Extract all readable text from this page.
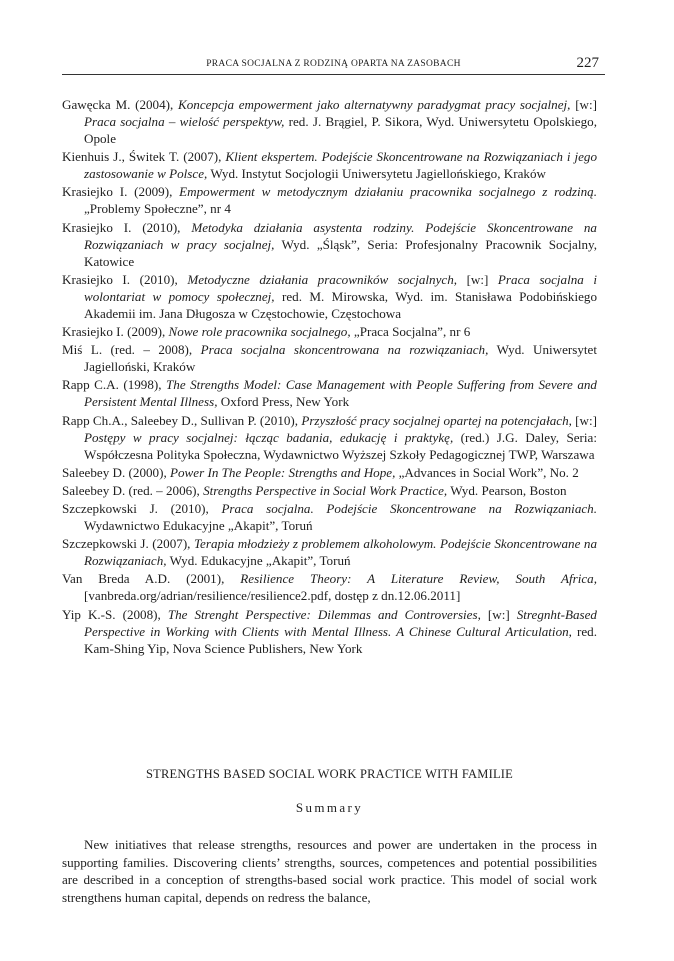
PRACA SOCJALNA Z RODZINĄ OPARTA NA ZASOBACH	227

Gawęcka M. (2004), Koncepcja empowerment jako alternatywny paradygmat pracy socjalnej, [w:] Praca socjalna – wielość perspektyw, red. J. Brągiel, P. Sikora, Wyd. Uniwersytetu Opolskiego, Opole

Kienhuis J., Świtek T. (2007), Klient ekspertem. Podejście Skoncentrowane na Rozwiązaniach i jego zastosowanie w Polsce, Wyd. Instytut Socjologii Uniwersytetu Jagiellońskiego, Kraków

Krasiejko I. (2009), Empowerment w metodycznym działaniu pracownika socjalnego z rodziną. „Problemy Społeczne”, nr 4

Krasiejko I. (2010), Metodyka działania asystenta rodziny. Podejście Skoncentrowane na Rozwiązaniach w pracy socjalnej, Wyd. „Śląsk”, Seria: Profesjonalny Pracownik Socjalny, Katowice

Krasiejko I. (2010), Metodyczne działania pracowników socjalnych, [w:] Praca socjalna i wolontariat w pomocy społecznej, red. M. Mirowska, Wyd. im. Stanisława Podobińskiego Akademii im. Jana Długosza w Częstochowie, Częstochowa

Krasiejko I. (2009), Nowe role pracownika socjalnego, „Praca Socjalna”, nr 6

Miś L. (red. – 2008), Praca socjalna skoncentrowana na rozwiązaniach, Wyd. Uniwersytet Jagielloński, Kraków

Rapp C.A. (1998), The Strengths Model: Case Management with People Suffering from Severe and Persistent Mental Illness, Oxford Press, New York

Rapp Ch.A., Saleebey D., Sullivan P. (2010), Przyszłość pracy socjalnej opartej na potencjałach, [w:] Postępy w pracy socjalnej: łącząc badania, edukację i praktykę, (red.) J.G. Daley, Seria: Współczesna Polityka Społeczna, Wydawnictwo Wyższej Szkoły Pedagogicznej TWP, Warszawa

Saleebey D. (2000), Power In The People: Strengths and Hope, „Advances in Social Work”, No. 2

Saleebey D. (red. – 2006), Strengths Perspective in Social Work Practice, Wyd. Pearson, Boston

Szczepkowski J. (2010), Praca socjalna. Podejście Skoncentrowane na Rozwiązaniach. Wydawnictwo Edukacyjne „Akapit”, Toruń

Szczepkowski J. (2007), Terapia młodzieży z problemem alkoholowym. Podejście Skoncentrowane na Rozwiązaniach, Wyd. Edukacyjne „Akapit”, Toruń

Van Breda A.D. (2001), Resilience Theory: A Literature Review, South Africa, [vanbreda.org/adrian/resilience/resilience2.pdf, dostęp z dn.12.06.2011]

Yip K.-S. (2008), The Strenght Perspective: Dilemmas and Controversies, [w:] Stregnht-Based Perspective in Working with Clients with Mental Illness. A Chinese Cultural Articulation, red. Kam-Shing Yip, Nova Science Publishers, New York

STRENGTHS BASED SOCIAL WORK PRACTICE WITH FAMILIE
Summary

New initiatives that release strengths, resources and power are undertaken in the process in supporting families. Discovering clients’ strengths, sources, competences and potential possibilities are described in a conception of strengths-based social work practice. This model of social work strengthens human capital, depends on redress the balance,
